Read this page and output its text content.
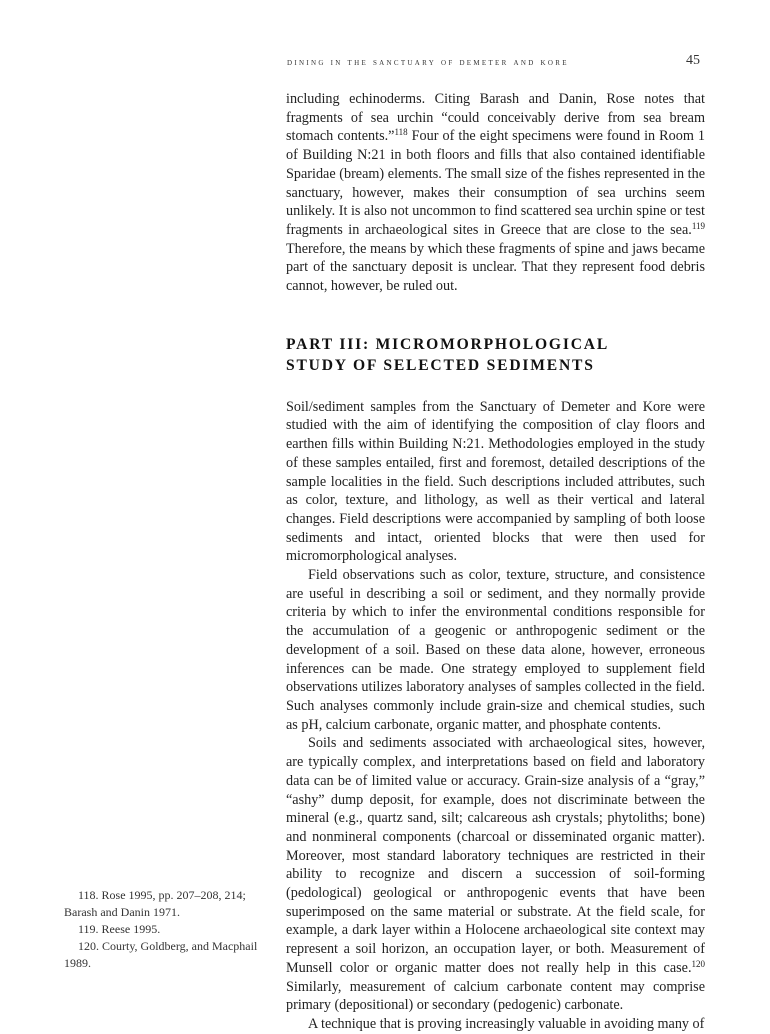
dining in the sanctuary of demeter and kore	45

including echinoderms. Citing Barash and Danin, Rose notes that fragments of sea urchin “could conceivably derive from sea bream stomach contents.”$^{118}$ Four of the eight specimens were found in Room 1 of Building N:21 in both floors and fills that also contained identifiable Sparidae (bream) elements. The small size of the fishes represented in the sanctuary, however, makes their consumption of sea urchins seem unlikely. It is also not uncommon to find scattered sea urchin spine or test fragments in archaeological sites in Greece that are close to the sea.$^{119}$ Therefore, the means by which these fragments of spine and jaws became part of the sanctuary deposit is unclear. That they represent food debris cannot, however, be ruled out.

PART III: MICROMORPHOLOGICAL
STUDY OF SELECTED SEDIMENTS

Soil/sediment samples from the Sanctuary of Demeter and Kore were studied with the aim of identifying the composition of clay floors and earthen fills within Building N:21. Methodologies employed in the study of these samples entailed, first and foremost, detailed descriptions of the sample localities in the field. Such descriptions included attributes, such as color, texture, and lithology, as well as their vertical and lateral changes. Field descriptions were accompanied by sampling of both loose sediments and intact, oriented blocks that were then used for micromorphological analyses.

Field observations such as color, texture, structure, and consistence are useful in describing a soil or sediment, and they normally provide criteria by which to infer the environmental conditions responsible for the accumulation of a geogenic or anthropogenic sediment or the development of a soil. Based on these data alone, however, erroneous inferences can be made. One strategy employed to supplement field observations utilizes laboratory analyses of samples collected in the field. Such analyses commonly include grain-size and chemical studies, such as pH, calcium carbonate, organic matter, and phosphate contents.

Soils and sediments associated with archaeological sites, however, are typically complex, and interpretations based on field and laboratory data can be of limited value or accuracy. Grain-size analysis of a “gray,” “ashy” dump deposit, for example, does not discriminate between the mineral (e.g., quartz sand, silt; calcareous ash crystals; phytoliths; bone) and nonmineral components (charcoal or disseminated organic matter). Moreover, most standard laboratory techniques are restricted in their ability to recognize and discern a succession of soil-forming (pedological) geological or anthropogenic events that have been superimposed on the same material or substrate. At the field scale, for example, a dark layer within a Holocene archaeological site context may represent a soil horizon, an occupation layer, or both. Measurement of Munsell color or organic matter does not really help in this case.$^{120}$ Similarly, measurement of calcium carbonate content may comprise primary (depositional) or secondary (pedogenic) carbonate.

A technique that is proving increasingly valuable in avoiding many of

118. Rose 1995, pp. 207–208, 214; Barash and Danin 1971.
119. Reese 1995.
120. Courty, Goldberg, and Macphail 1989.
